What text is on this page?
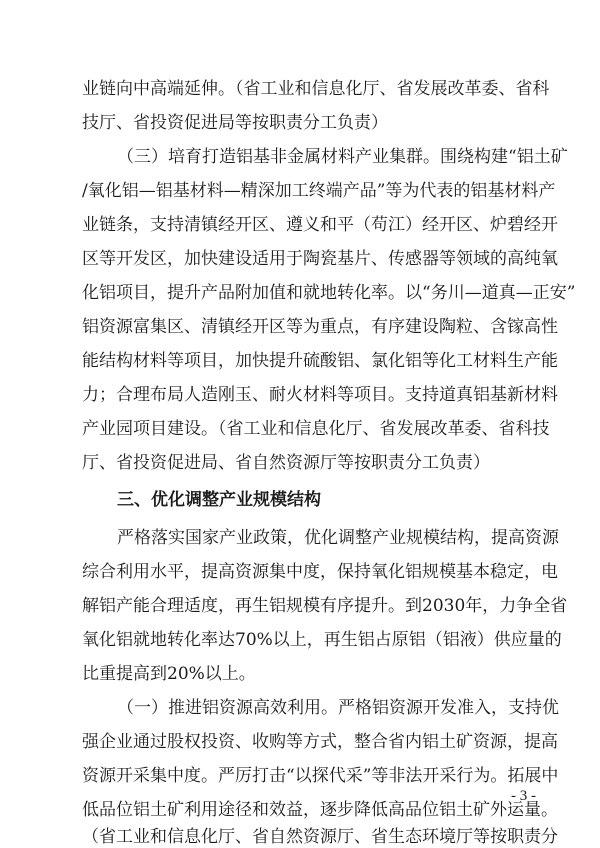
业链向中高端延伸。（省工业和信息化厅、省发展改革委、省科
技厅、省投资促进局等按职责分工负责）
（三）培育打造铝基非金属材料产业集群。围绕构建“铝土矿
/氧化铝—铝基材料—精深加工终端产品”等为代表的铝基材料产
业链条，支持清镇经开区、遵义和平（苟江）经开区、炉碧经开
区等开发区，加快建设适用于陶瓷基片、传感器等领域的高纯氧
化铝项目，提升产品附加值和就地转化率。以“务川—道真—正安”
铝资源富集区、清镇经开区等为重点，有序建设陶粒、含镓高性
能结构材料等项目，加快提升硫酸铝、氯化铝等化工材料生产能
力；合理布局人造刚玉、耐火材料等项目。支持道真铝基新材料
产业园项目建设。（省工业和信息化厅、省发展改革委、省科技
厅、省投资促进局、省自然资源厅等按职责分工负责）
三、优化调整产业规模结构
严格落实国家产业政策，优化调整产业规模结构，提高资源
综合利用水平，提高资源集中度，保持氧化铝规模基本稳定，电
解铝产能合理适度，再生铝规模有序提升。到2030年，力争全省
氧化铝就地转化率达70%以上，再生铝占原铝（铝液）供应量的
比重提高到20%以上。
（一）推进铝资源高效利用。严格铝资源开发准入，支持优
强企业通过股权投资、收购等方式，整合省内铝土矿资源，提高
资源开采集中度。严厉打击“以探代采”等非法开采行为。拓展中
低品位铝土矿利用途径和效益，逐步降低高品位铝土矿外运量。
（省工业和信息化厅、省自然资源厅、省生态环境厅等按职责分
- 3 -
